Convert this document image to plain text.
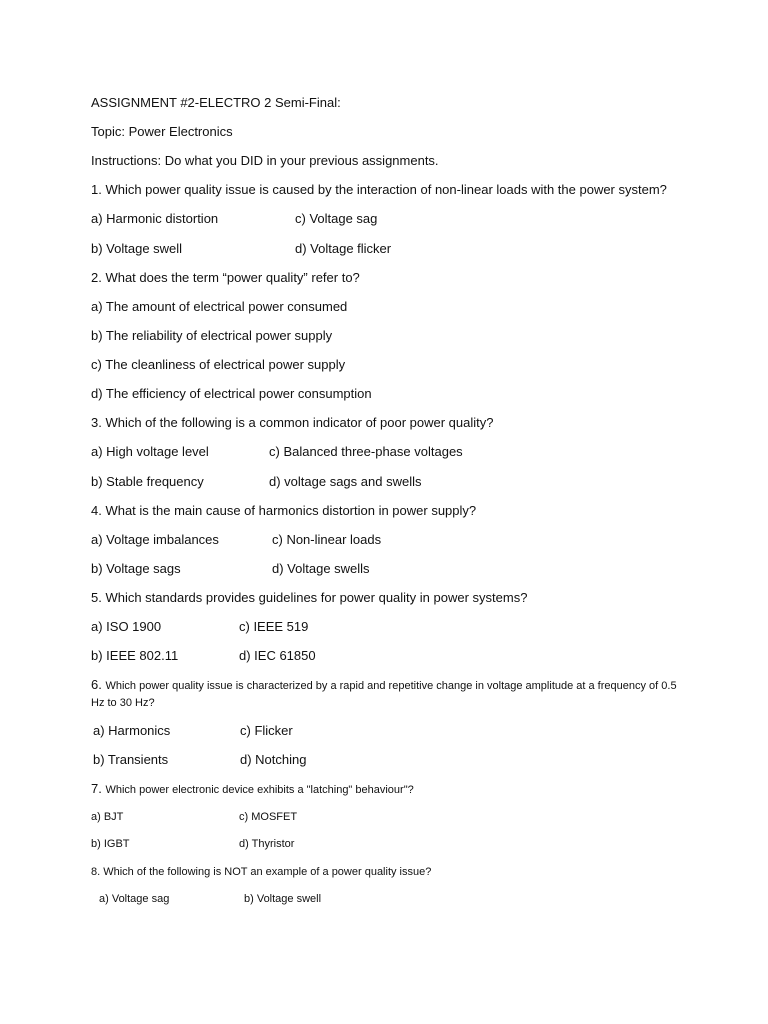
ASSIGNMENT #2-ELECTRO 2 Semi-Final:
Topic: Power Electronics
Instructions: Do what you DID in your previous assignments.
1. Which power quality issue is caused by the interaction of non-linear loads with the power system?
a) Harmonic distortion	c) Voltage sag
b) Voltage swell	d) Voltage flicker
2. What does the term “power quality” refer to?
a) The amount of electrical power consumed
b) The reliability of electrical power supply
c) The cleanliness of electrical power supply
d) The efficiency of electrical power consumption
3. Which of the following is a common indicator of poor power quality?
a) High voltage level	c) Balanced three-phase voltages
b) Stable frequency	d) voltage sags and swells
4. What is the main cause of harmonics distortion in power supply?
a) Voltage imbalances	c) Non-linear loads
b) Voltage sags	d) Voltage swells
5. Which standards provides guidelines for power quality in power systems?
a) ISO 1900	c) IEEE 519
b) IEEE 802.11	d) IEC 61850
6. Which power quality issue is characterized by a rapid and repetitive change in voltage amplitude at a frequency of 0.5 Hz to 30 Hz?
a) Harmonics	c) Flicker
b) Transients	d) Notching
7. Which power electronic device exhibits a "latching" behaviour"?
a) BJT	c) MOSFET
b) IGBT	d) Thyristor
8. Which of the following is NOT an example of a power quality issue?
a) Voltage sag	b) Voltage swell
